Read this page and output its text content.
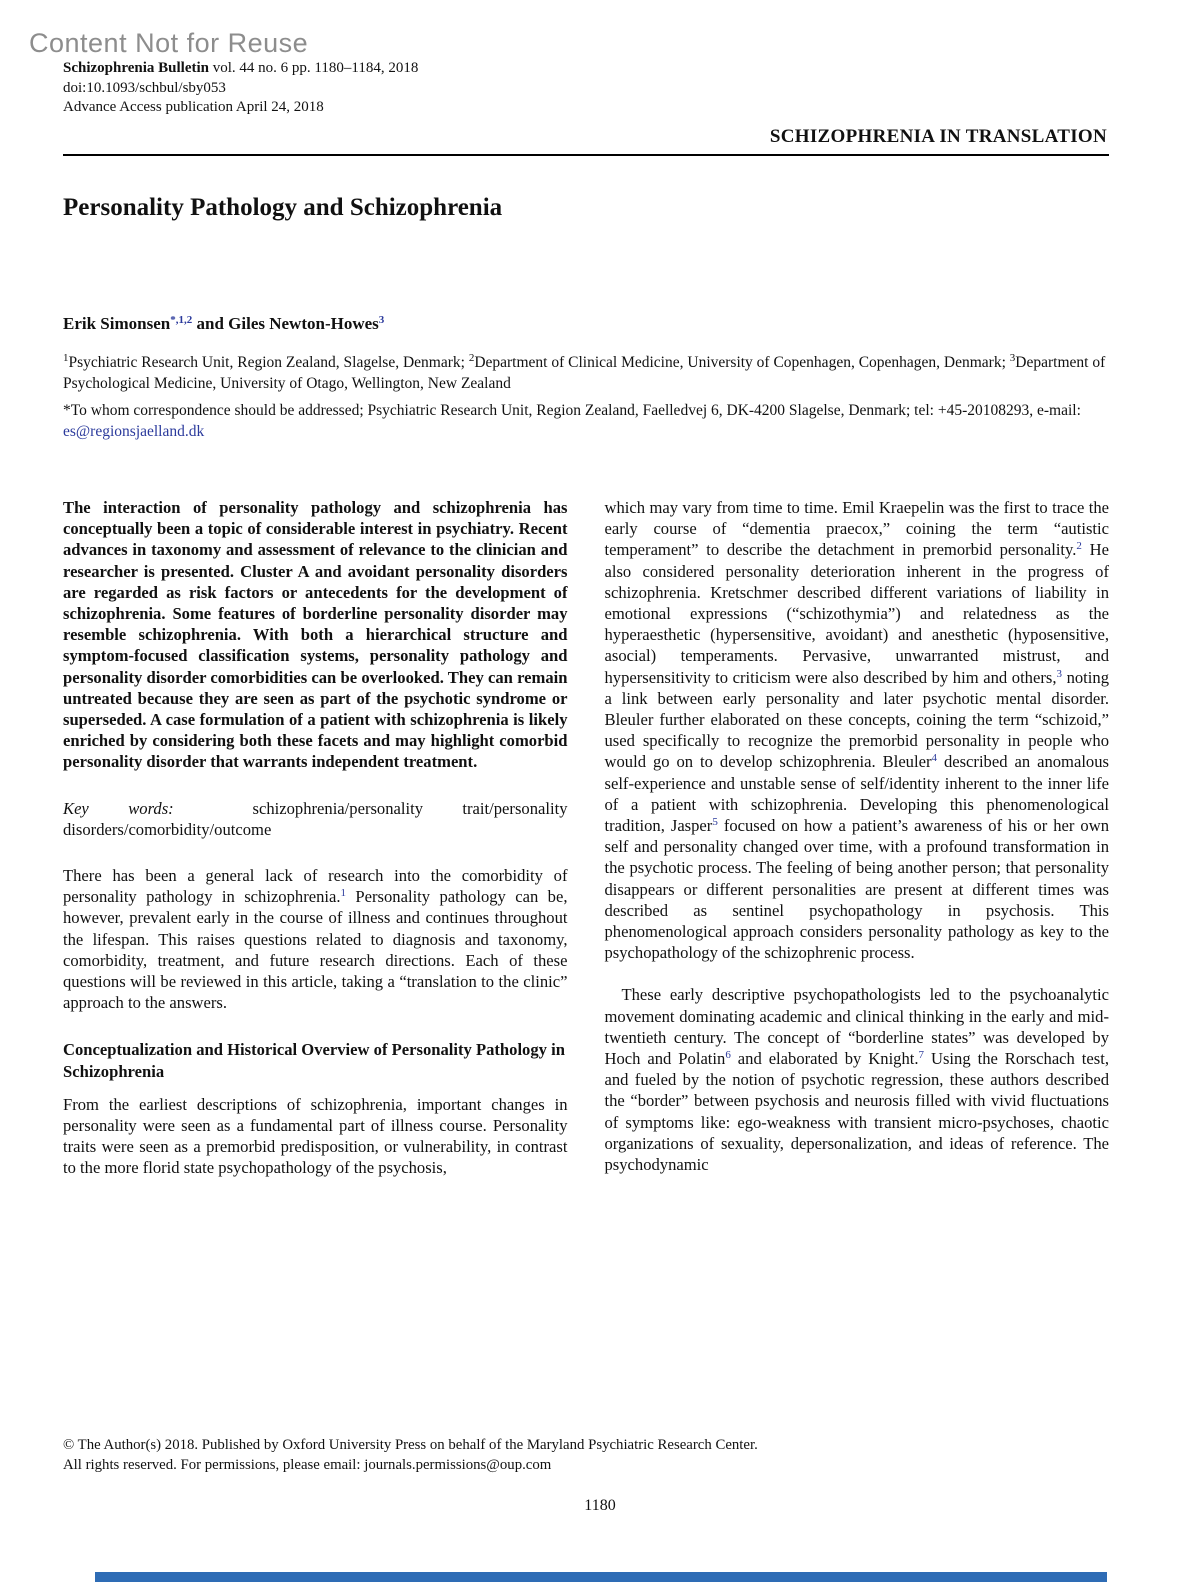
Content Not for Reuse
Schizophrenia Bulletin vol. 44 no. 6 pp. 1180–1184, 2018
doi:10.1093/schbul/sby053
Advance Access publication April 24, 2018
SCHIZOPHRENIA IN TRANSLATION
Personality Pathology and Schizophrenia
Erik Simonsen$^{*,1,2}$ and Giles Newton-Howes$^3$
$^1$Psychiatric Research Unit, Region Zealand, Slagelse, Denmark; $^2$Department of Clinical Medicine, University of Copenhagen, Copenhagen, Denmark; $^3$Department of Psychological Medicine, University of Otago, Wellington, New Zealand
*To whom correspondence should be addressed; Psychiatric Research Unit, Region Zealand, Faelledvej 6, DK-4200 Slagelse, Denmark; tel: +45-20108293, e-mail: es@regionsjaelland.dk

The interaction of personality pathology and schizophrenia has conceptually been a topic of considerable interest in psychiatry. Recent advances in taxonomy and assessment of relevance to the clinician and researcher is presented. Cluster A and avoidant personality disorders are regarded as risk factors or antecedents for the development of schizophrenia. Some features of borderline personality disorder may resemble schizophrenia. With both a hierarchical structure and symptom-focused classification systems, personality pathology and personality disorder comorbidities can be overlooked. They can remain untreated because they are seen as part of the psychotic syndrome or superseded. A case formulation of a patient with schizophrenia is likely enriched by considering both these facets and may highlight comorbid personality disorder that warrants independent treatment.

Key words:  schizophrenia/personality trait/personality disorders/comorbidity/outcome

There has been a general lack of research into the comorbidity of personality pathology in schizophrenia.$^1$ Personality pathology can be, however, prevalent early in the course of illness and continues throughout the lifespan. This raises questions related to diagnosis and taxonomy, comorbidity, treatment, and future research directions. Each of these questions will be reviewed in this article, taking a “translation to the clinic” approach to the answers.

Conceptualization and Historical Overview of Personality Pathology in Schizophrenia

From the earliest descriptions of schizophrenia, important changes in personality were seen as a fundamental part of illness course. Personality traits were seen as a premorbid predisposition, or vulnerability, in contrast to the more florid state psychopathology of the psychosis,

which may vary from time to time. Emil Kraepelin was the first to trace the early course of “dementia praecox,” coining the term “autistic temperament” to describe the detachment in premorbid personality.$^2$ He also considered personality deterioration inherent in the progress of schizophrenia. Kretschmer described different variations of liability in emotional expressions (“schizothymia”) and relatedness as the hyperaesthetic (hypersensitive, avoidant) and anesthetic (hyposensitive, asocial) temperaments. Pervasive, unwarranted mistrust, and hypersensitivity to criticism were also described by him and others,$^3$ noting a link between early personality and later psychotic mental disorder. Bleuler further elaborated on these concepts, coining the term “schizoid,” used specifically to recognize the premorbid personality in people who would go on to develop schizophrenia. Bleuler$^4$ described an anomalous self-experience and unstable sense of self/identity inherent to the inner life of a patient with schizophrenia. Developing this phenomenological tradition, Jasper$^5$ focused on how a patient’s awareness of his or her own self and personality changed over time, with a profound transformation in the psychotic process. The feeling of being another person; that personality disappears or different personalities are present at different times was described as sentinel psychopathology in psychosis. This phenomenological approach considers personality pathology as key to the psychopathology of the schizophrenic process.

These early descriptive psychopathologists led to the psychoanalytic movement dominating academic and clinical thinking in the early and mid-twentieth century. The concept of “borderline states” was developed by Hoch and Polatin$^6$ and elaborated by Knight.$^7$ Using the Rorschach test, and fueled by the notion of psychotic regression, these authors described the “border” between psychosis and neurosis filled with vivid fluctuations of symptoms like: ego-weakness with transient micro-psychoses, chaotic organizations of sexuality, depersonalization, and ideas of reference. The psychodynamic

© The Author(s) 2018. Published by Oxford University Press on behalf of the Maryland Psychiatric Research Center.
All rights reserved. For permissions, please email: journals.permissions@oup.com
1180
